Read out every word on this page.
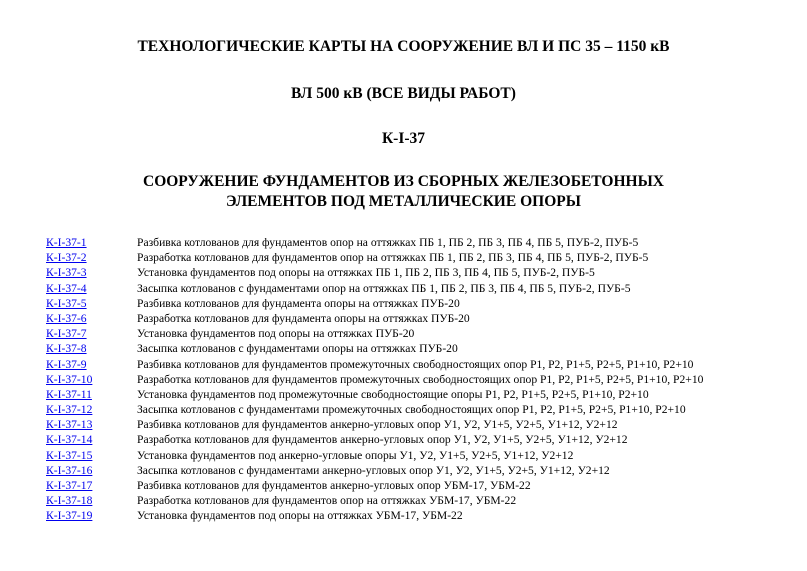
ТЕХНОЛОГИЧЕСКИЕ КАРТЫ НА СООРУЖЕНИЕ ВЛ И ПС 35 – 1150 кВ
ВЛ 500 кВ (ВСЕ ВИДЫ РАБОТ)
К-I-37
СООРУЖЕНИЕ ФУНДАМЕНТОВ ИЗ СБОРНЫХ ЖЕЛЕЗОБЕТОННЫХ
ЭЛЕМЕНТОВ ПОД МЕТАЛЛИЧЕСКИЕ ОПОРЫ
К-I-37-1	Разбивка котлованов для фундаментов опор на оттяжках ПБ 1, ПБ 2, ПБ 3, ПБ 4, ПБ 5, ПУБ-2, ПУБ-5
К-I-37-2	Разработка котлованов для фундаментов опор на оттяжках ПБ 1, ПБ 2, ПБ 3, ПБ 4, ПБ 5, ПУБ-2, ПУБ-5
К-I-37-3	Установка фундаментов под опоры на оттяжках ПБ 1, ПБ 2, ПБ 3, ПБ 4, ПБ 5, ПУБ-2, ПУБ-5
К-I-37-4	Засыпка котлованов с фундаментами опор на оттяжках ПБ 1, ПБ 2, ПБ 3, ПБ 4, ПБ 5, ПУБ-2, ПУБ-5
К-I-37-5	Разбивка котлованов для фундамента опоры на оттяжках ПУБ-20
К-I-37-6	Разработка котлованов для фундамента опоры на оттяжках ПУБ-20
К-I-37-7	Установка фундаментов под опоры на оттяжках ПУБ-20
К-I-37-8	Засыпка котлованов с фундаментами опоры на оттяжках ПУБ-20
К-I-37-9	Разбивка котлованов для фундаментов промежуточных свободностоящих опор Р1, Р2, Р1+5, Р2+5, Р1+10, Р2+10
К-I-37-10	Разработка котлованов для фундаментов промежуточных свободностоящих опор Р1, Р2, Р1+5, Р2+5, Р1+10, Р2+10
К-I-37-11	Установка фундаментов под промежуточные свободностоящие опоры Р1, Р2, Р1+5, Р2+5, Р1+10, Р2+10
К-I-37-12	Засыпка котлованов с фундаментами промежуточных свободностоящих опор Р1, Р2, Р1+5, Р2+5, Р1+10, Р2+10
К-I-37-13	Разбивка котлованов для фундаментов анкерно-угловых опор У1, У2, У1+5, У2+5, У1+12, У2+12
К-I-37-14	Разработка котлованов для фундаментов анкерно-угловых опор У1, У2, У1+5, У2+5, У1+12, У2+12
К-I-37-15	Установка фундаментов под анкерно-угловые опоры У1, У2, У1+5, У2+5, У1+12, У2+12
К-I-37-16	Засыпка котлованов с фундаментами анкерно-угловых опор У1, У2, У1+5, У2+5, У1+12, У2+12
К-I-37-17	Разбивка котлованов для фундаментов анкерно-угловых опор УБМ-17, УБМ-22
К-I-37-18	Разработка котлованов для фундаментов опор на оттяжках УБМ-17, УБМ-22
К-I-37-19	Установка фундаментов под опоры на оттяжках УБМ-17, УБМ-22
